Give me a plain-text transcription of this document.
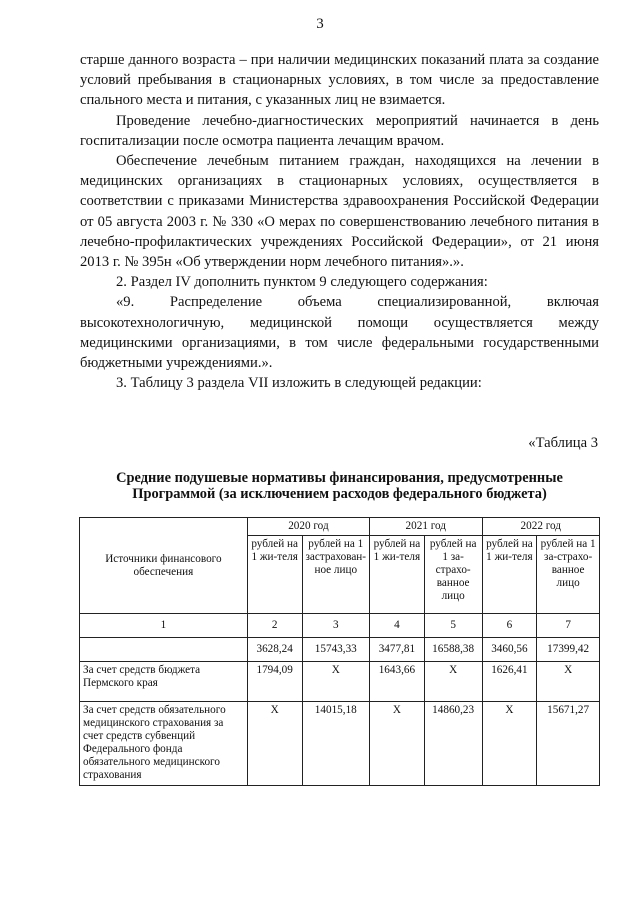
3

старше данного возраста – при наличии медицинских показаний плата за создание условий пребывания в стационарных условиях, в том числе за предоставление спального места и питания, с указанных лиц не взимается.

Проведение лечебно-диагностических мероприятий начинается в день госпитализации после осмотра пациента лечащим врачом.

Обеспечение лечебным питанием граждан, находящихся на лечении в медицинских организациях в стационарных условиях, осуществляется в соответствии с приказами Министерства здравоохранения Российской Федерации от 05 августа 2003 г. № 330 «О мерах по совершенствованию лечебного питания в лечебно-профилактических учреждениях Российской Федерации», от 21 июня 2013 г. № 395н «Об утверждении норм лечебного питания».».

2. Раздел IV дополнить пунктом 9 следующего содержания:

«9. Распределение объема специализированной, включая высокотехнологичную, медицинской помощи осуществляется между медицинскими организациями, в том числе федеральными государственными бюджетными учреждениями.».

3. Таблицу 3 раздела VII изложить в следующей редакции:

«Таблица 3
Средние подушевые нормативы финансирования, предусмотренные Программой (за исключением расходов федерального бюджета)
Источники финансового обеспечения	2020 год		2021 год		2022 год	
	рублей на 1 жи-теля	рублей на 1 застрахован-ное лицо	рублей на 1 жи-теля	рублей на 1 за-страхо-ванное лицо	рублей на 1 жи-теля	рублей на 1 за-страхо-ванное лицо
1	2	3	4	5	6	7
	3628,24	15743,33	3477,81	16588,38	3460,56	17399,42
За счет средств бюджета Пермского края	1794,09	Х	1643,66	Х	1626,41	Х
За счет средств обязательного медицинского страхования за счет средств субвенций Федерального фонда обязательного медицинского страхования	Х	14015,18	Х	14860,23	Х	15671,27
